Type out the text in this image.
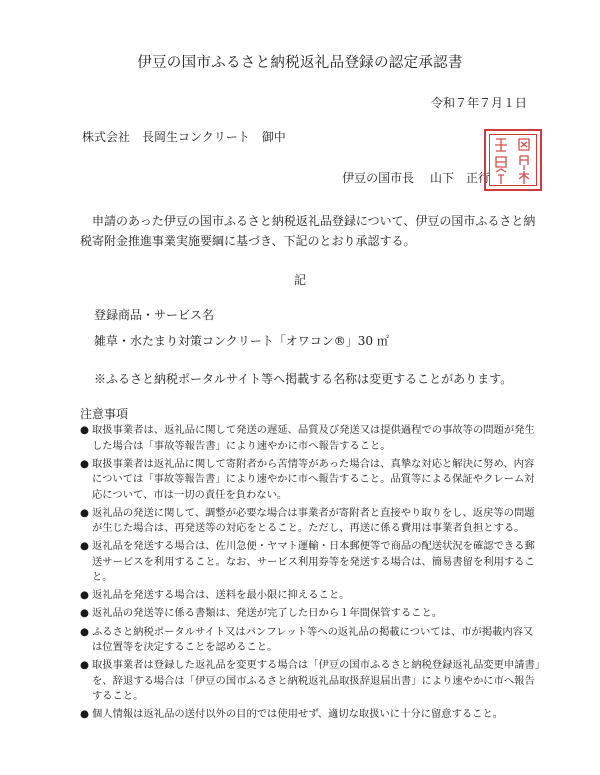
伊豆の国市ふるさと納税返礼品登録の認定承認書
令和７年７月１日
株式会社　長岡生コンクリート　御中
伊豆の国市長　 山下　正行
申請のあった伊豆の国市ふるさと納税返礼品登録について、伊豆の国市ふるさと納税寄附金推進事業実施要綱に基づき、下記のとおり承認する。
記
登録商品・サービス名
雑草・水たまり対策コンクリート「オワコン®」30 ㎡
※ふるさと納税ポータルサイト等へ掲載する名称は変更することがあります。
注意事項
● 取扱事業者は、返礼品に関して発送の遅延、品質及び発送又は提供過程での事故等の問題が発生した場合は「事故等報告書」により速やかに市へ報告すること。
● 取扱事業者は返礼品に関して寄附者から苦情等があった場合は、真摯な対応と解決に努め、内容については「事故等報告書」により速やかに市へ報告すること。品質等による保証やクレーム対応について、市は一切の責任を負わない。
● 返礼品の発送に関して、調整が必要な場合は事業者が寄附者と直接やり取りをし、返戻等の問題が生じた場合は、再発送等の対応をとること。ただし、再送に係る費用は事業者負担とする。
● 返礼品を発送する場合は、佐川急便・ヤマト運輸・日本郵便等で商品の配送状況を確認できる郵送サービスを利用すること。なお、サービス利用券等を発送する場合は、簡易書留を利用すること。
● 返礼品を発送する場合は、送料を最小限に抑えること。
● 返礼品の発送等に係る書類は、発送が完了した日から１年間保管すること。
● ふるさと納税ポータルサイト又はパンフレット等への返礼品の掲載については、市が掲載内容又は位置等を決定することを認めること。
● 取扱事業者は登録した返礼品を変更する場合は「伊豆の国市ふるさと納税登録返礼品変更申請書」を、辞退する場合は「伊豆の国市ふるさと納税返礼品取扱辞退届出書」により速やかに市へ報告すること。
● 個人情報は返礼品の送付以外の目的では使用せず、適切な取扱いに十分に留意すること。
